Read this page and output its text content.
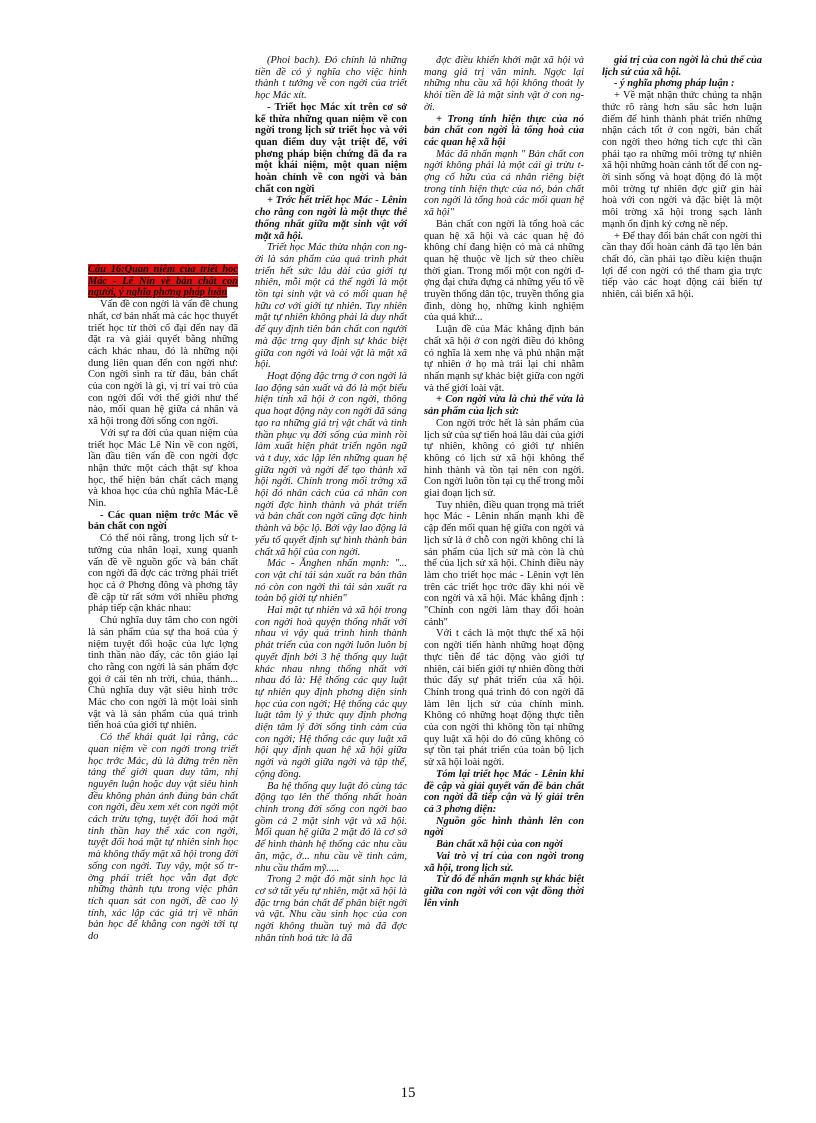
Câu 16:Quan niệm của triết học Mác - Lê Nin về bản chất con người, ý nghĩa phơng pháp luận

Vấn đề con ngời là vấn đề chung nhất, cơ bản nhất mà các học thuyết triết học từ thời cổ đại đến nay đã đặt ra và giải quyết bằng những cách khác nhau, đó là những nội dung liên quan đến con ngời như: Con ngời sinh ra từ đâu, bản chất của con ngời là gì, vị trí vai trò của con ngời đối với thế giới như thế nào, mối quan hệ giữa cá nhân và xã hội trong đời sống con ngời.

Với sự ra đời của quan niệm của triết học Mác Lê Nin về con ngời, lần đầu tiên vấn đề con ngời đợc nhận thức một cách thật sự khoa học, thể hiện bản chất cách mạng và khoa học của chủ nghĩa Mác-Lê Nin.

- Các quan niệm trớc Mác về bản chất con ngời

Có thể nói rằng, trong lịch sử t tưởng của nhân loại, xung quanh vấn đề về nguồn gốc và bản chất con ngời đã đợc các trờng phái triết học cả ở Phơng đông và phơng tây đề cập từ rất sớm với nhiều phơng pháp tiếp cận khác nhau:

Chủ nghĩa duy tâm cho con ngời là sản phẩm của sự tha hoá của ý niệm tuyệt đối hoặc của lực lợng tinh thần nào đấy, các tôn giáo lại cho rằng con ngời là sản phẩm đợc gọi ở cái tên nh trời, chúa, thánh... Chủ nghĩa duy vật siêu hình trớc Mác cho con ngời là một loài sinh vật và là sản phẩm của quá trình tiến hoá của giới tự nhiên.

Có thể khái quát lại rằng, các quan niệm về con ngời trong triết học trớc Mác, dù là đứng trên nền tảng thế giới quan duy tâm, nhị nguyên luận hoặc duy vật siêu hình đều không phản ánh đúng bản chất con ngời, đều xem xét con ngời một cách trừu tợng, tuyệt đối hoá mặt tinh thần hay thể xác con ngời, tuyệt đối hoá mặt tự nhiên sinh học mà không thấy mặt xã hội trong đời sống con ngời. Tuy vậy, một số trờng phái triết học vẫn đạt đợc những thành tựu trong việc phân tích quan sát con ngời, đề cao lý tính, xác lập các giá trị về nhân bản học để khẳng con ngời tới tự do

(Phoi bach). Đó chính là những tiền đề có ý nghĩa cho việc hình thành t tưởng về con ngời của triết học Mác xít.

- Triết học Mác xít trên cơ sở kế thừa những quan niệm về con ngời trong lịch sử triết học và với quan điểm duy vật triệt để, với phơng pháp biện chứng đã đa ra một khái niệm, một quan niệm hoàn chỉnh về con ngời và bản chất con ngời

+ Trớc hết triết học Mác - Lênin cho rằng con ngời là một thực thể thống nhất giữa mặt sinh vật với mặt xã hội.

Triết học Mác thừa nhận con ngời là sản phẩm của quá trình phát triển hết sức lâu dài của giới tự nhiên, mỗi một cá thể ngời là một tồn tại sinh vật và có mối quan hệ hữu cơ với giới tự nhiên. Tuy nhiên mặt tự nhiên không phải là duy nhất để quy định tiên bản chất con người mà đặc trng quy định sự khác biệt giữa con ngời và loài vật là mặt xã hội.

Hoạt động đặc trng ở con ngời là lao động sản xuất và đó là một biểu hiện tính xã hội ở con ngời, thông qua hoạt động này con ngời đã sáng tạo ra những giá trị vật chất và tinh thần phục vụ đời sống của mình rồi làm xuất hiện phát triển ngôn ngữ và t duy, xác lập lên những quan hệ giữa ngời và ngời để tạo thành xã hội ngời. Chính trong mối trờng xã hội đó nhân cách của cá nhân con ngời đợc hình thành và phát triển và bản chất con ngời cũng đợc hình thành và bộc lộ. Bởi vậy lao động là yếu tố quyết định sự hình thành bản chất xã hội của con ngời.

Mác - Ănghen nhấn mạnh: "... con vật chỉ tái sản xuất ra bản thân nó còn con ngời thì tái sản xuất ra toàn bộ giới tự nhiên"

Hai mặt tự nhiên và xã hội trong con ngời hoà quyện thống nhất với nhau vì vậy quá trình hình thành phát triển của con ngời luôn luôn bị quyết định bởi 3 hệ thống quy luật khác nhau nhng thống nhất với nhau đó là: Hệ thống các quy luật tự nhiên quy định phơng diện sinh học của con ngời; Hệ thống các quy luật tâm lý ý thức quy định phơng diện tâm lý đời sống tinh cảm của con ngời; Hệ thống các quy luật xã hội quy định quan hệ xã hội giữa ngời và ngời giữa ngời và tập thể, cộng đồng.

Ba hệ thống quy luật đó cùng tác động tạo lên thể thống nhất hoàn chỉnh trong đời sống con ngời bao gồm cả 2 mặt sinh vật và xã hội. Mối quan hệ giữa 2 mặt đó là cơ sở để hình thành hệ thống các nhu cầu ăn, mặc, ở... nhu cầu về tình cảm, nhu cầu thẩm mỹ.....

Trong 2 mặt đó mặt sinh học là cơ sở tất yếu tự nhiên, mặt xã hội là đặc trng bản chất để phân biệt ngời và vật. Nhu cầu sinh học của con ngời không thuần tuý mà đã đợc nhân tính hoá tức là đã

đợc điều khiển khởi mặt xã hội và mang giá trị văn minh. Ngợc lại những nhu cầu xã hội không thoát ly khỏi tiền đề là mặt sinh vật ở con ngời.

+ Trong tính hiện thực của nó bản chất con ngời là tổng hoà của các quan hệ xã hội

Mác đã nhấn mạnh " Bản chất con ngời không phải là một cái gì trừu tợng cố hữu của cá nhân riêng biệt trong tính hiện thực của nó, bản chất con ngời là tổng hoà các mối quan hệ xã hội"

Bản chất con ngời là tổng hoà các quan hệ xã hội và các quan hệ đó không chỉ đang hiện có mà cả những quan hệ thuộc về lịch sử theo chiều thời gian. Trong mối một con ngời đợng đại chứa đựng cả những yếu tố về truyền thống dân tộc, truyền thống gia đình, dòng họ, những kinh nghiệm của quá khứ...

Luận đề của Mác khẳng định bản chất xã hội ở con ngời điều đó không có nghĩa là xem nhẹ và phủ nhận mặt tự nhiên ở họ mà trái lại chỉ nhằm nhấn mạnh sự khác biệt giữa con ngời và thế giới loài vật.

+ Con ngời vừa là chủ thể vừa là sản phẩm của lịch sử:

Con ngời trớc hết là sản phẩm của lịch sử của sự tiến hoá lâu dài của giới tự nhiên, không có giới tự nhiên không có lịch sử xã hội không thể hình thành và tồn tại nên con ngời. Con ngời luôn tồn tại cụ thể trong mỗi giai đoạn lịch sử.

Tuy nhiên, điều quan trọng mà triết học Mác - Lênin nhấn mạnh khi đề cập đến mối quan hệ giữa con ngời và lịch sử là ở chỗ con ngời không chỉ là sản phẩm của lịch sử mà còn là chủ thể của lịch sử xã hội. Chính điều này làm cho triết học mác - Lênin vợt lên trên các triết học trớc đây khi nói về con ngời và xã hội. Mác khẳng định : "Chính con ngời làm thay đổi hoàn cảnh"

Với t cách là một thực thể xã hội con ngời tiến hành những hoạt động thực tiễn để tác động vào giới tự nhiên, cải biến giới tự nhiên đồng thời thúc đẩy sự phát triển của xã hội. Chính trong quá trình đó con ngời đã làm lên lịch sử của chính mình. Không có những hoạt động thực tiễn của con ngời thì không tồn tại những quy luật xã hội do đó cũng không có sự tồn tại phát triển của toàn bộ lịch sử xã hội loài ngời.

Tóm lại triết học Mác - Lênin khi đề cập và giải quyết vấn đề bản chất con ngời đã tiếp cận và lý giải trên cả 3 phơng diện:

Nguồn gốc hình thành lên con ngời

Bản chất xã hội của con ngời

Vai trò vị trí của con ngời trong xã hội, trong lịch sử.

Từ đó để nhấn mạnh sự khác biệt giữa con ngời với con vật đồng thời lên vinh

giá trị của con ngời là chủ thể của lịch sử của xã hội.

- ý nghĩa phơng pháp luận :

+ Về mặt nhận thức chúng ta nhận thức rõ ràng hơn sâu sắc hơn luận điểm để hình thành phát triển những nhận cách tốt ở con ngời, bản chất con ngời theo hớng tích cực thì cần phải tạo ra những môi trờng tự nhiên xã hội những hoàn cảnh tốt để con ngời sinh sống và hoạt động đó là một môi trờng tự nhiên đợc giữ gìn hài hoà với con ngời và đặc biệt là một môi trờng xã hội trong sạch lành mạnh ổn định kỷ cơng nề nếp.

+ Để thay đổi bản chất con ngời thì cần thay đổi hoàn cảnh đã tạo lên bản chất đó, cần phải tạo điều kiện thuận lợi để con ngời có thể tham gia trực tiếp vào các hoạt động cải biến tự nhiên, cải biến xã hội.

15
